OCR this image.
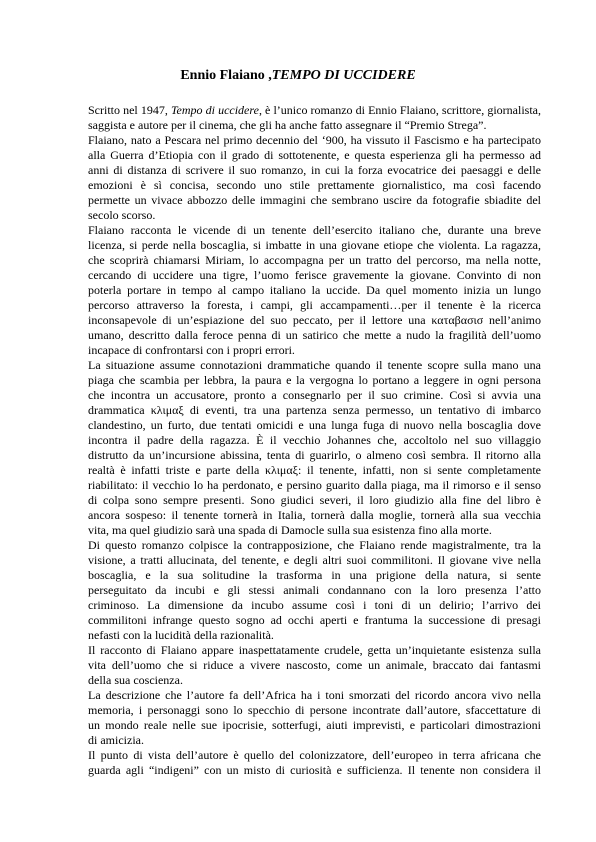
Ennio Flaiano ,TEMPO DI UCCIDERE
Scritto nel 1947, Tempo di uccidere, è l’unico romanzo di Ennio Flaiano, scrittore, giornalista,
saggista e autore per il cinema, che gli ha anche fatto assegnare il “Premio Strega”.
Flaiano, nato a Pescara nel primo decennio del ‘900, ha vissuto il Fascismo e ha partecipato
alla Guerra d’Etiopia con il grado di sottotenente, e questa esperienza gli ha permesso ad
anni di distanza di scrivere il suo romanzo, in cui la forza evocatrice dei paesaggi e delle
emozioni è sì concisa, secondo uno stile prettamente giornalistico, ma così facendo
permette un vivace abbozzo delle immagini che sembrano uscire da fotografie sbiadite del
secolo scorso.
Flaiano racconta le vicende di un tenente dell’esercito italiano che, durante una breve
licenza, si perde nella boscaglia, si imbatte in una giovane etiope che violenta. La ragazza,
che scoprirà chiamarsi Miriam, lo accompagna per un tratto del percorso, ma nella notte,
cercando di uccidere una tigre, l’uomo ferisce gravemente la giovane. Convinto di non
poterla portare in tempo al campo italiano la uccide. Da quel momento inizia un lungo
percorso attraverso la foresta, i campi, gli accampamenti…per il tenente è la ricerca
inconsapevole di un’espiazione del suo peccato, per il lettore una καταβασισ nell’animo
umano, descritto dalla feroce penna di un satirico che mette a nudo la fragilità dell’uomo
incapace di confrontarsi con i propri errori.
La situazione assume connotazioni drammatiche quando il tenente scopre sulla mano una
piaga che scambia per lebbra, la paura e la vergogna lo portano a leggere in ogni persona
che incontra un accusatore, pronto a consegnarlo per il suo crimine. Così si avvia una
drammatica κλιμαξ di eventi, tra una partenza senza permesso, un tentativo di imbarco
clandestino, un furto, due tentati omicidi e una lunga fuga di nuovo nella boscaglia dove
incontra il padre della ragazza. È il vecchio Johannes che, accoltolo nel suo villaggio
distrutto da un’incursione abissina, tenta di guarirlo, o almeno così sembra. Il ritorno alla
realtà è infatti triste e parte della κλιμαξ: il tenente, infatti, non si sente completamente
riabilitato: il vecchio lo ha perdonato, e persino guarito dalla piaga, ma il rimorso e il senso
di colpa sono sempre presenti. Sono giudici severi, il loro giudizio alla fine del libro è
ancora sospeso: il tenente tornerà in Italia, tornerà dalla moglie, tornerà alla sua vecchia
vita, ma quel giudizio sarà una spada di Damocle sulla sua esistenza fino alla morte.
Di questo romanzo colpisce la contrapposizione, che Flaiano rende magistralmente, tra la
visione, a tratti allucinata, del tenente, e degli altri suoi commilitoni. Il giovane vive nella
boscaglia, e la sua solitudine la trasforma in una prigione della natura, si sente
perseguitato da incubi e gli stessi animali condannano con la loro presenza l’atto
criminoso. La dimensione da incubo assume così i toni di un delirio; l’arrivo dei
commilitoni infrange questo sogno ad occhi aperti e frantuma la successione di presagi
nefasti con la lucidità della razionalità.
Il racconto di Flaiano appare inaspettatamente crudele, getta un’inquietante esistenza sulla
vita dell’uomo che si riduce a vivere nascosto, come un animale, braccato dai fantasmi
della sua coscienza.
La descrizione che l’autore fa dell’Africa ha i toni smorzati del ricordo ancora vivo nella
memoria, i personaggi sono lo specchio di persone incontrate dall’autore, sfaccettature di
un mondo reale nelle sue ipocrisie, sotterfugi, aiuti imprevisti, e particolari dimostrazioni
di amicizia.
Il punto di vista dell’autore è quello del colonizzatore, dell’europeo in terra africana che
guarda agli “indigeni” con un misto di curiosità e sufficienza. Il tenente non considera il
